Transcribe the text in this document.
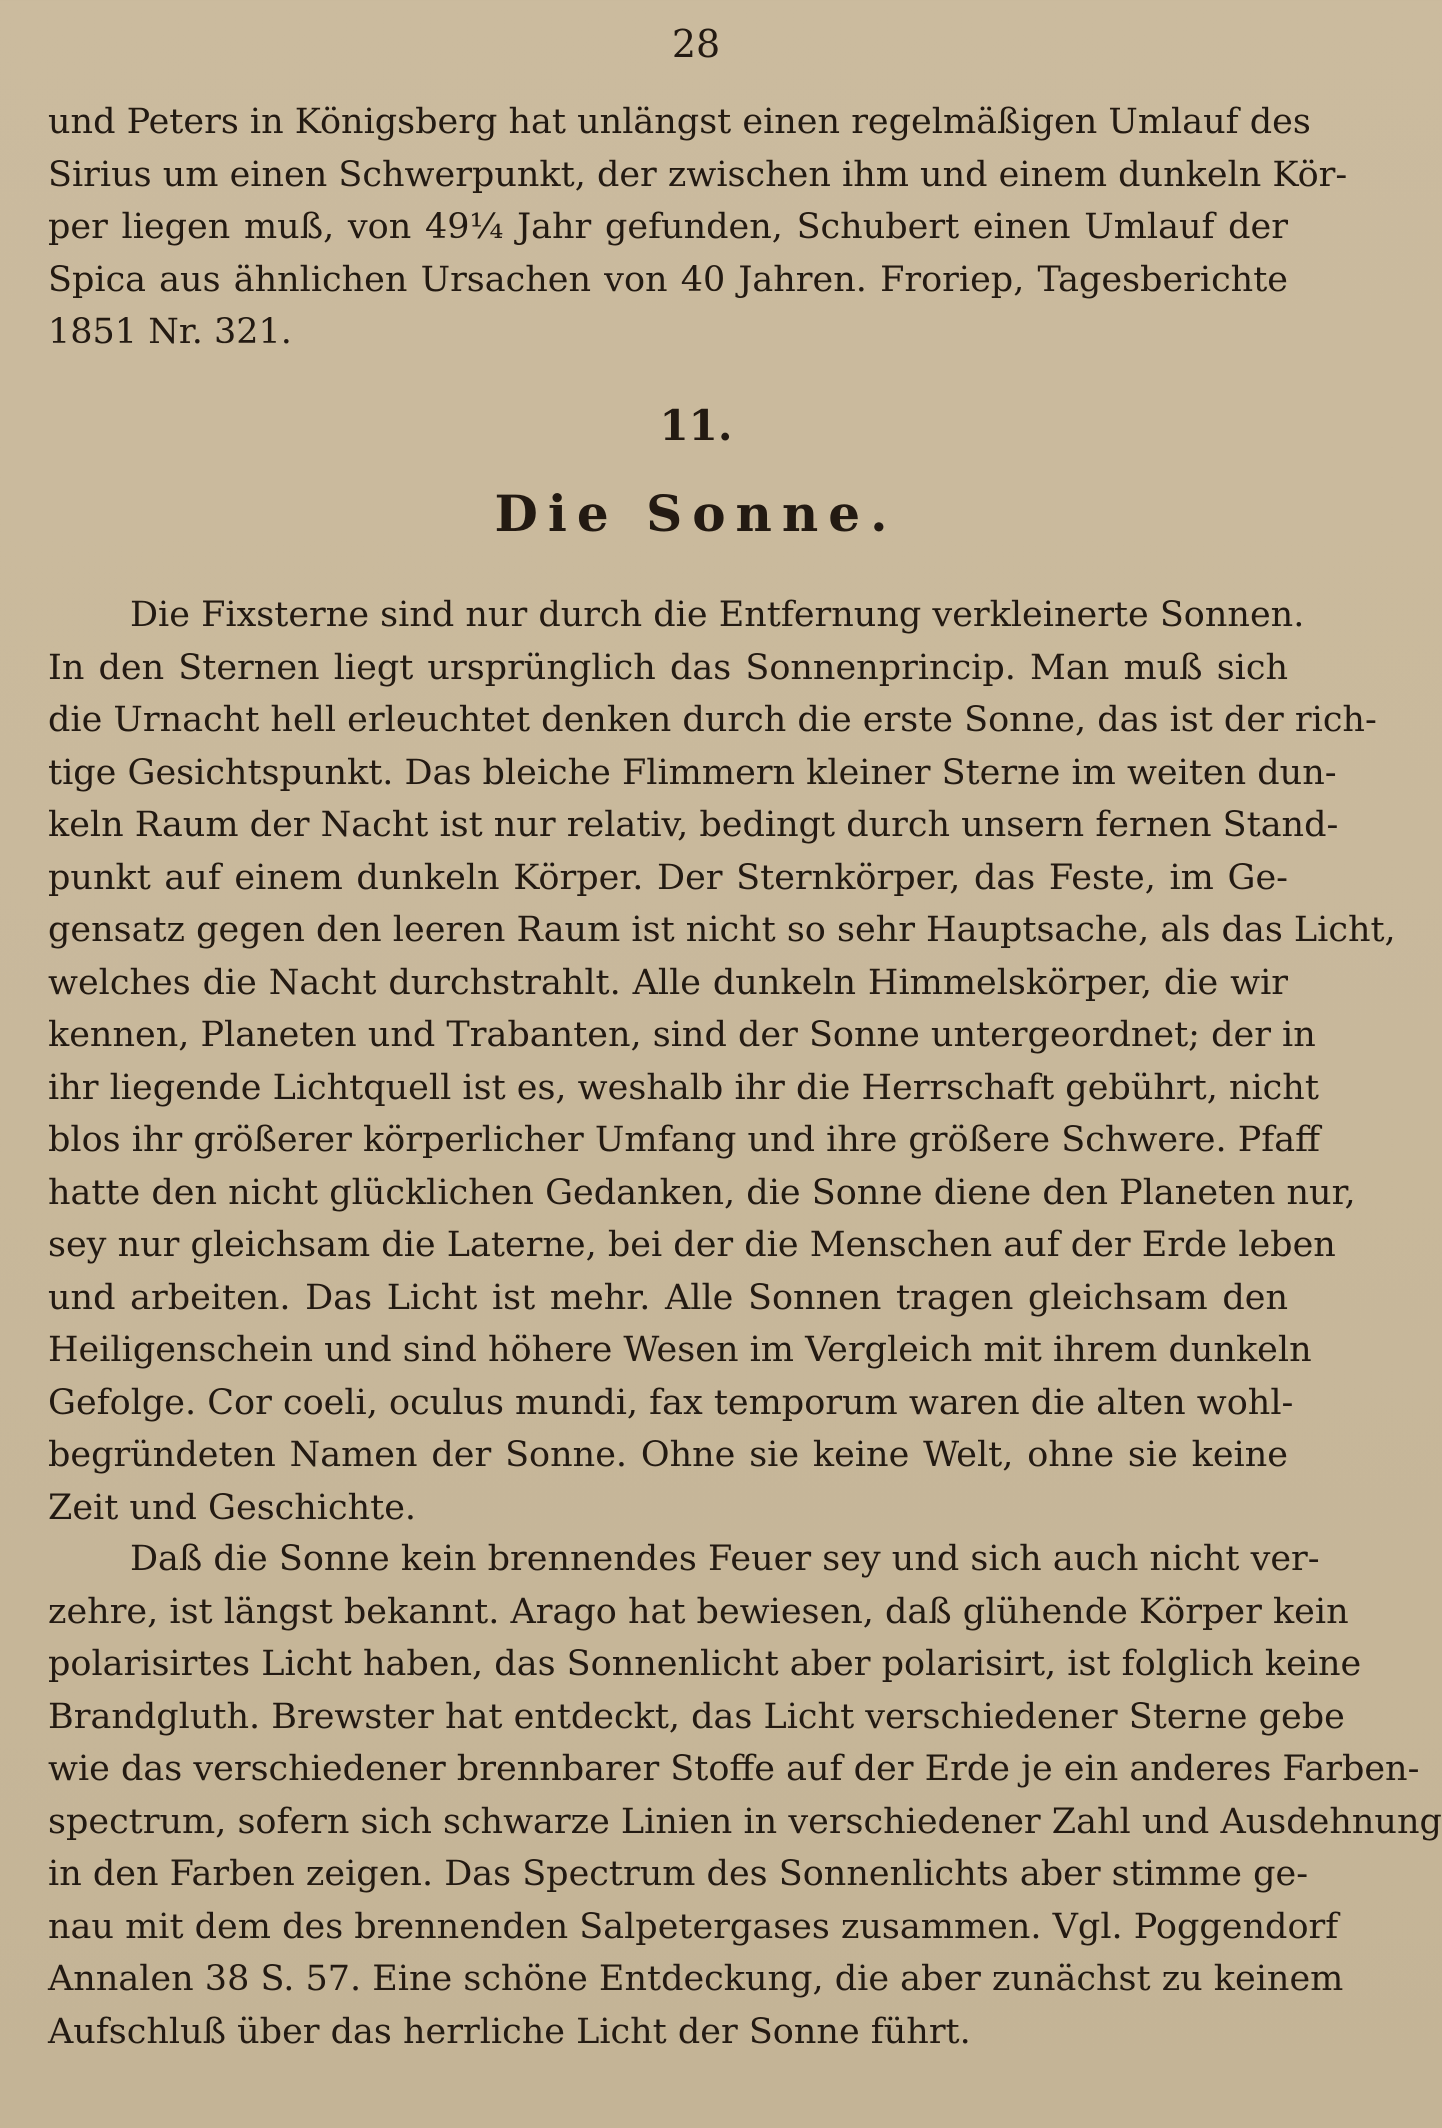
28
und Peters in Königsberg hat unlängst einen regelmäßigen Umlauf des
Sirius um einen Schwerpunkt, der zwischen ihm und einem dunkeln Kör-
per liegen muß, von 49¼ Jahr gefunden, Schubert einen Umlauf der
Spica aus ähnlichen Ursachen von 40 Jahren. Froriep, Tagesberichte
1851 Nr. 321.
11.
Die Sonne.
Die Fixsterne sind nur durch die Entfernung verkleinerte Sonnen.
In den Sternen liegt ursprünglich das Sonnenprincip. Man muß sich
die Urnacht hell erleuchtet denken durch die erste Sonne, das ist der rich-
tige Gesichtspunkt. Das bleiche Flimmern kleiner Sterne im weiten dun-
keln Raum der Nacht ist nur relativ, bedingt durch unsern fernen Stand-
punkt auf einem dunkeln Körper. Der Sternkörper, das Feste, im Ge-
gensatz gegen den leeren Raum ist nicht so sehr Hauptsache, als das Licht,
welches die Nacht durchstrahlt. Alle dunkeln Himmelskörper, die wir
kennen, Planeten und Trabanten, sind der Sonne untergeordnet; der in
ihr liegende Lichtquell ist es, weshalb ihr die Herrschaft gebührt, nicht
blos ihr größerer körperlicher Umfang und ihre größere Schwere. Pfaff
hatte den nicht glücklichen Gedanken, die Sonne diene den Planeten nur,
sey nur gleichsam die Laterne, bei der die Menschen auf der Erde leben
und arbeiten. Das Licht ist mehr. Alle Sonnen tragen gleichsam den
Heiligenschein und sind höhere Wesen im Vergleich mit ihrem dunkeln
Gefolge. Cor coeli, oculus mundi, fax temporum waren die alten wohl-
begründeten Namen der Sonne. Ohne sie keine Welt, ohne sie keine
Zeit und Geschichte.
Daß die Sonne kein brennendes Feuer sey und sich auch nicht ver-
zehre, ist längst bekannt. Arago hat bewiesen, daß glühende Körper kein
polarisirtes Licht haben, das Sonnenlicht aber polarisirt, ist folglich keine
Brandgluth. Brewster hat entdeckt, das Licht verschiedener Sterne gebe
wie das verschiedener brennbarer Stoffe auf der Erde je ein anderes Farben-
spectrum, sofern sich schwarze Linien in verschiedener Zahl und Ausdehnung
in den Farben zeigen. Das Spectrum des Sonnenlichts aber stimme ge-
nau mit dem des brennenden Salpetergases zusammen. Vgl. Poggendorf
Annalen 38 S. 57. Eine schöne Entdeckung, die aber zunächst zu keinem
Aufschluß über das herrliche Licht der Sonne führt.
